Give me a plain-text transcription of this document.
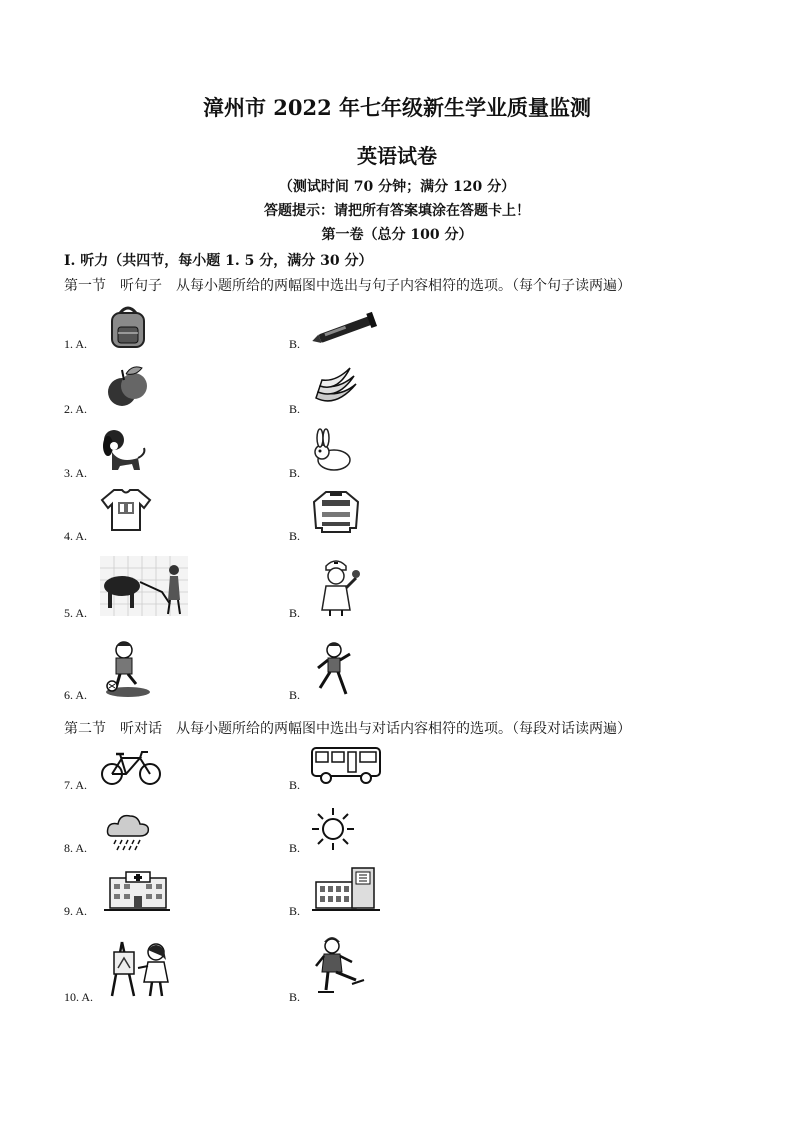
漳州市 2022 年七年级新生学业质量监测
英语试卷
（测试时间 70 分钟；满分 120 分）
答题提示：请把所有答案填涂在答题卡上！
第一卷（总分 100 分）
I. 听力（共四节，每小题 1. 5 分，满分 30 分）
第一节　听句子　从每小题所给的两幅图中选出与句子内容相符的选项。（每个句子读两遍）
第二节　听对话　从每小题所给的两幅图中选出与对话内容相符的选项。（每段对话读两遍）
1. A.	B.
2. A.	B.
3. A.	B.
4. A.	B.
5. A.	B.
6. A.	B.
7. A.	B.
8. A.	B.
9. A.	B.
10. A.	B.
